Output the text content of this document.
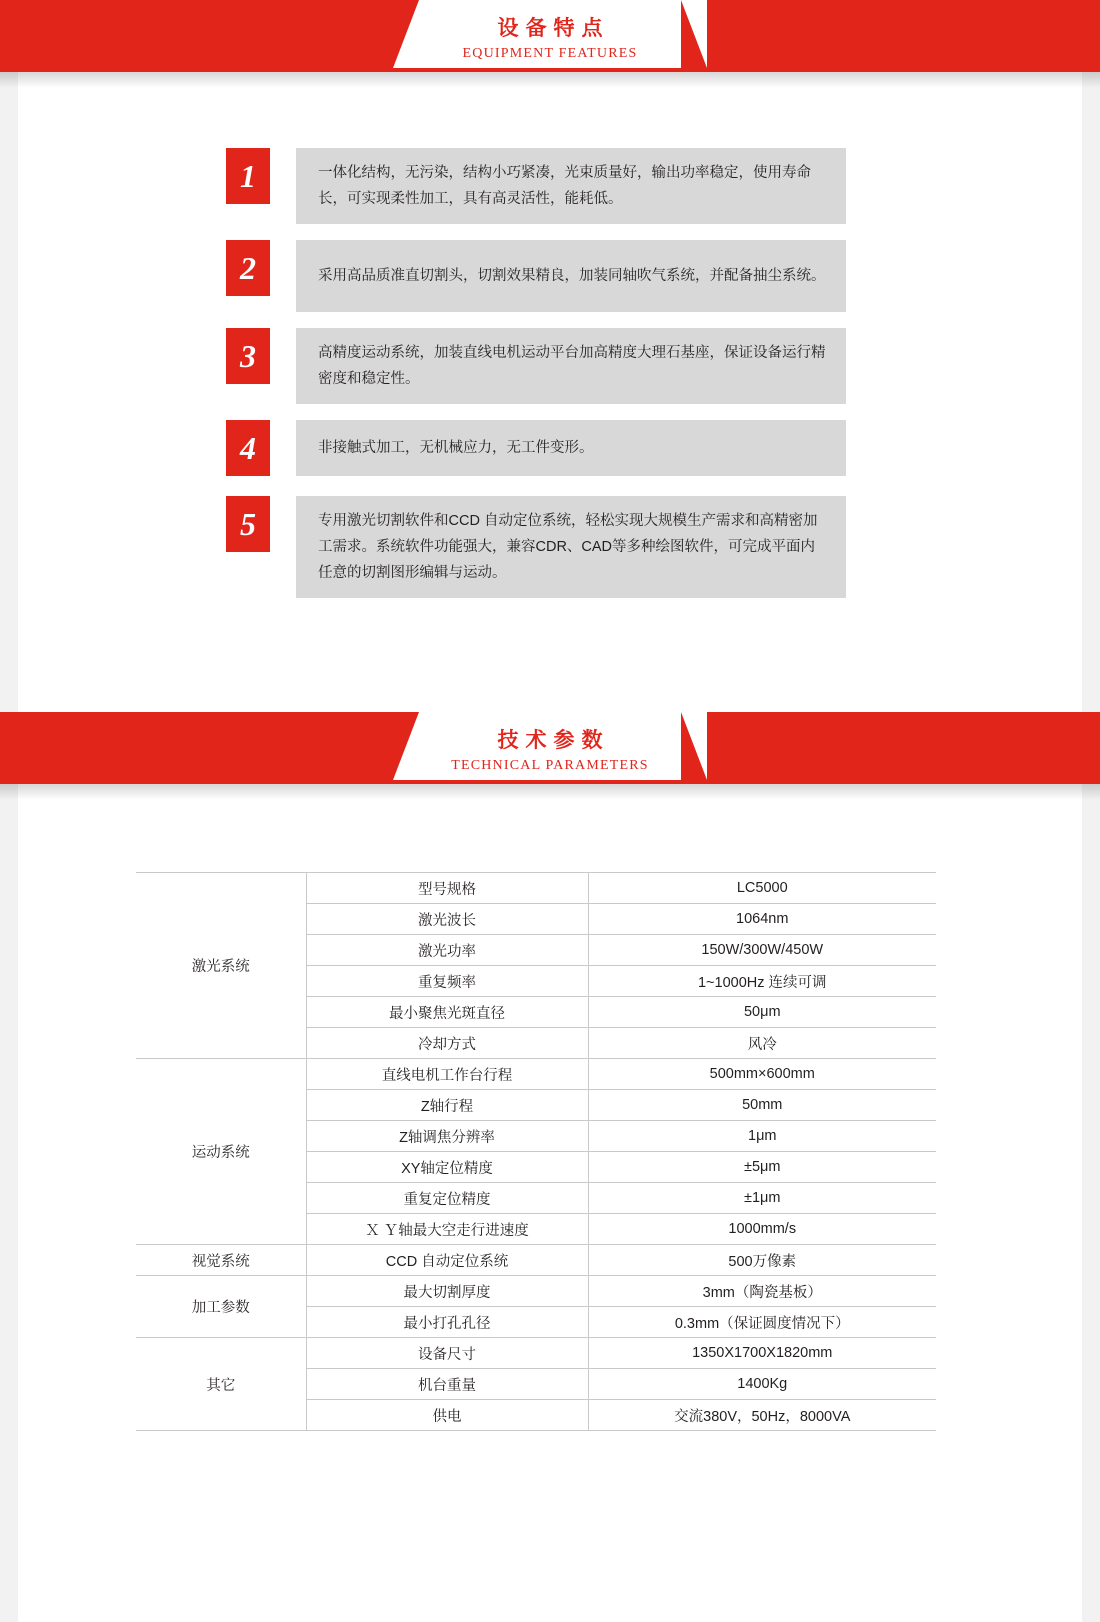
设备特点
EQUIPMENT FEATURES
1	一体化结构，无污染，结构小巧紧凑，光束质量好，输出功率稳定，使用寿命长，可实现柔性加工，具有高灵活性，能耗低。
2	采用高品质准直切割头，切割效果精良，加装同轴吹气系统，并配备抽尘系统。
3	高精度运动系统，加装直线电机运动平台加高精度大理石基座，保证设备运行精密度和稳定性。
4	非接触式加工，无机械应力，无工件变形。
5	专用激光切割软件和CCD 自动定位系统，轻松实现大规模生产需求和高精密加工需求。系统软件功能强大，兼容CDR、CAD等多种绘图软件，可完成平面内任意的切割图形编辑与运动。
技术参数
TECHNICAL PARAMETERS
激光系统	型号规格	LC5000
	激光波长	1064nm
	激光功率	150W/300W/450W
	重复频率	1~1000Hz 连续可调
	最小聚焦光斑直径	50μm
	冷却方式	风冷
运动系统	直线电机工作台行程	500mm×600mm
	Z轴行程	50mm
	Z轴调焦分辨率	1μm
	XY轴定位精度	±5μm
	重复定位精度	±1μm
	Ｘ Ｙ轴最大空走行进速度	1000mm/s
视觉系统	CCD 自动定位系统	500万像素
加工参数	最大切割厚度	3mm（陶瓷基板）
	最小打孔孔径	0.3mm（保证圆度情况下）
其它	设备尺寸	1350X1700X1820mm
	机台重量	1400Kg
	供电	交流380V，50Hz，8000VA
